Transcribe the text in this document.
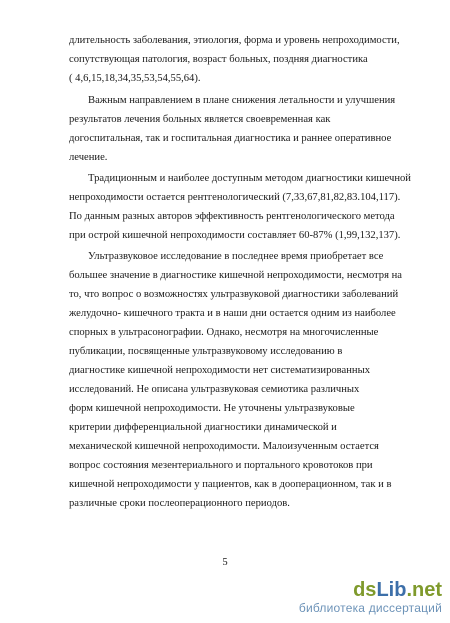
длительность заболевания, этиология, форма и уровень непроходимости,
сопутствующая патология, возраст больных, поздняя диагностика
( 4,6,15,18,34,35,53,54,55,64).
Важным направлением в плане снижения летальности и улучшения
результатов лечения больных является своевременная как
догоспитальная, так и госпитальная диагностика и раннее оперативное
лечение.
Традиционным и наиболее доступным методом диагностики кишечной
непроходимости остается рентгенологический (7,33,67,81,82,83.104,117).
По данным разных авторов эффективность рентгенологического метода
при острой кишечной непроходимости составляет 60-87% (1,99,132,137).
Ультразвуковое исследование в последнее время приобретает все
большее значение в диагностике кишечной непроходимости, несмотря на
то, что вопрос о возможностях ультразвуковой диагностики заболеваний
желудочно- кишечного тракта и в наши дни остается одним из наиболее
спорных в ультрасонографии. Однако, несмотря на многочисленные
публикации, посвященные ультразвуковому исследованию в
диагностике кишечной непроходимости нет систематизированных
исследований. Не описана ультразвуковая семиотика различных
форм кишечной непроходимости. Не уточнены ультразвуковые
критерии дифференциальной диагностики динамической и
механической кишечной непроходимости. Малоизученным остается
вопрос состояния мезентериального и портального кровотоков при
кишечной непроходимости у пациентов, как в дооперационном, так и в
различные сроки послеоперационного периодов.
5
dsLib.net
библиотека диссертаций
